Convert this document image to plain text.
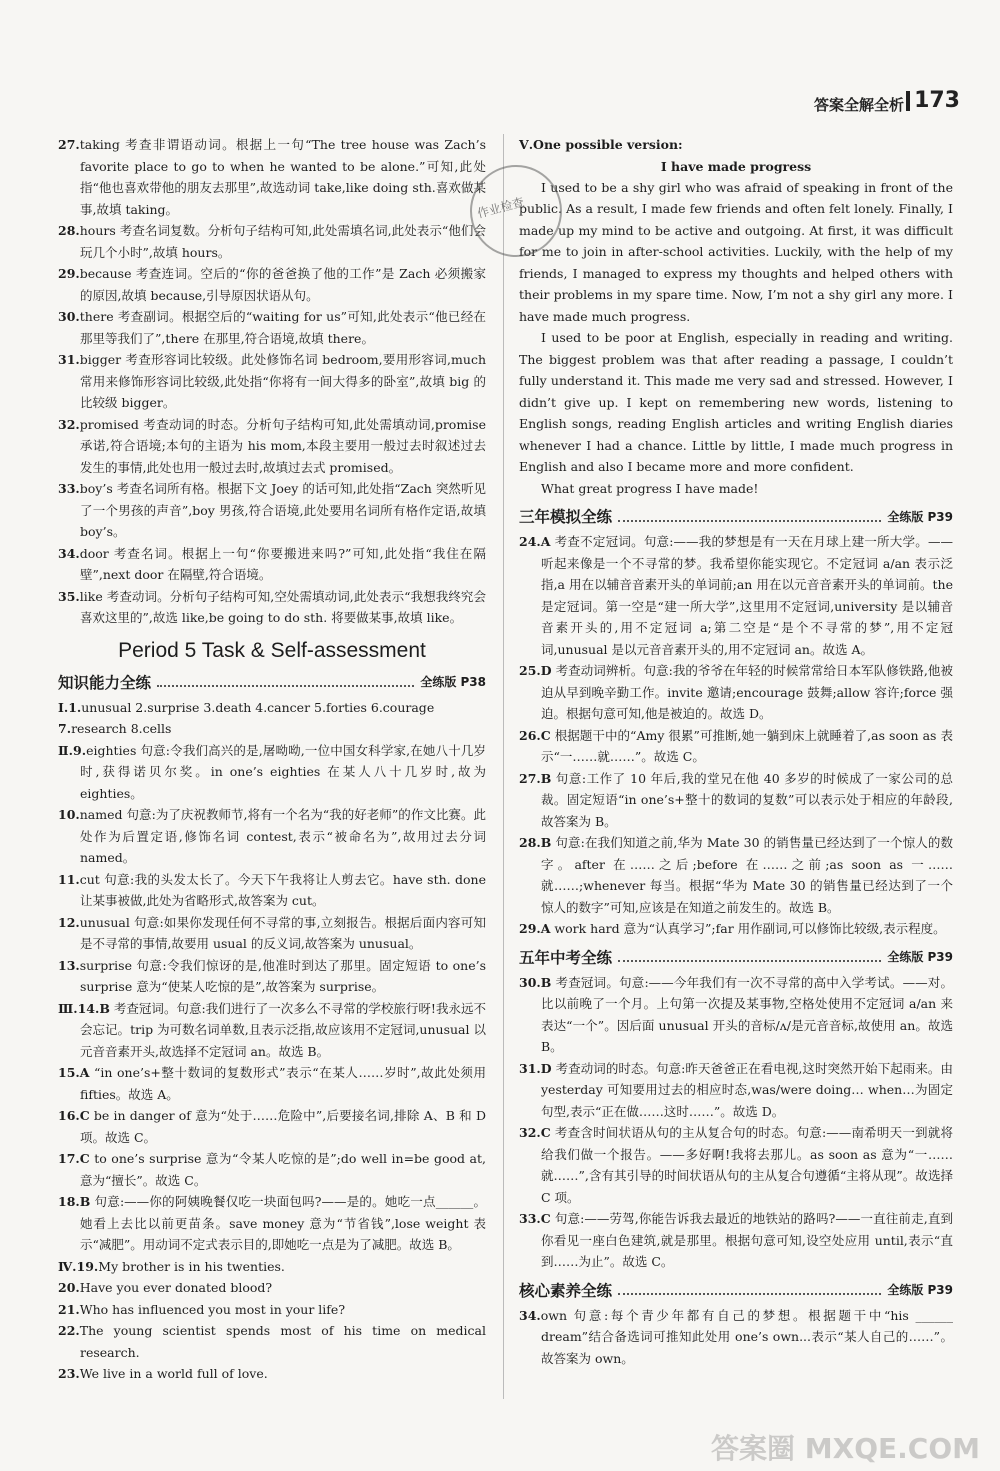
答案全解全析 173

27.taking 考查非谓语动词。根据上一句“The tree house was Zach’s favorite place to go to when he wanted to be alone.”可知,此处指“他也喜欢带他的朋友去那里”,故选动词 take,like doing sth.喜欢做某事,故填 taking。

28.hours 考查名词复数。分析句子结构可知,此处需填名词,此处表示“他们会玩几个小时”,故填 hours。

29.because 考查连词。空后的“你的爸爸换了他的工作”是 Zach 必须搬家的原因,故填 because,引导原因状语从句。

30.there 考查副词。根据空后的“waiting for us”可知,此处表示“他已经在那里等我们了”,there 在那里,符合语境,故填 there。

31.bigger 考查形容词比较级。此处修饰名词 bedroom,要用形容词,much 常用来修饰形容词比较级,此处指“你将有一间大得多的卧室”,故填 big 的比较级 bigger。

32.promised 考查动词的时态。分析句子结构可知,此处需填动词,promise 承诺,符合语境;本句的主语为 his mom,本段主要用一般过去时叙述过去发生的事情,此处也用一般过去时,故填过去式 promised。

33.boy’s 考查名词所有格。根据下文 Joey 的话可知,此处指“Zach 突然听见了一个男孩的声音”,boy 男孩,符合语境,此处要用名词所有格作定语,故填 boy’s。

34.door 考查名词。根据上一句“你要搬进来吗?”可知,此处指“我住在隔壁”,next door 在隔壁,符合语境。

35.like 考查动词。分析句子结构可知,空处需填动词,此处表示“我想我终究会喜欢这里的”,故选 like,be going to do sth. 将要做某事,故填 like。

Period 5 Task & Self-assessment
知识能力全练	全练版 P38

Ⅰ.1.unusual 2.surprise 3.death 4.cancer 5.forties 6.courage

7.research 8.cells

Ⅱ.9.eighties 句意:令我们高兴的是,屠呦呦,一位中国女科学家,在她八十几岁时,获得诺贝尔奖。in one’s eighties 在某人八十几岁时,故为 eighties。

10.named 句意:为了庆祝教师节,将有一个名为“我的好老师”的作文比赛。此处作为后置定语,修饰名词 contest,表示“被命名为”,故用过去分词 named。

11.cut 句意:我的头发太长了。今天下午我将让人剪去它。have sth. done 让某事被做,此处为省略形式,故答案为 cut。

12.unusual 句意:如果你发现任何不寻常的事,立刻报告。根据后面内容可知是不寻常的事情,故要用 usual 的反义词,故答案为 unusual。

13.surprise 句意:令我们惊讶的是,他准时到达了那里。固定短语 to one’s surprise 意为“使某人吃惊的是”,故答案为 surprise。

Ⅲ.14.B 考查冠词。句意:我们进行了一次多么不寻常的学校旅行呀!我永远不会忘记。trip 为可数名词单数,且表示泛指,故应该用不定冠词,unusual 以元音音素开头,故选择不定冠词 an。故选 B。

15.A “in one’s+整十数词的复数形式”表示“在某人……岁时”,故此处须用 fifties。故选 A。

16.C be in danger of 意为“处于……危险中”,后要接名词,排除 A、B 和 D 项。故选 C。

17.C to one’s surprise 意为“令某人吃惊的是”;do well in=be good at,意为“擅长”。故选 C。

18.B 句意:——你的阿姨晚餐仅吃一块面包吗?——是的。她吃一点______。她看上去比以前更苗条。save money 意为“节省钱”,lose weight 表示“减肥”。用动词不定式表示目的,即她吃一点是为了减肥。故选 B。

Ⅳ.19.My brother is in his twenties.

20.Have you ever donated blood?

21.Who has influenced you most in your life?

22.The young scientist spends most of his time on medical research.

23.We live in a world full of love.

Ⅴ.One possible version:

I have made progress

I used to be a shy girl who was afraid of speaking in front of the public. As a result, I made few friends and often felt lonely. Finally, I made up my mind to be active and outgoing. At first, it was difficult for me to join in after-school activities. Luckily, with the help of my friends, I managed to express my thoughts and helped others with their problems in my spare time. Now, I’m not a shy girl any more. I have made much progress.

I used to be poor at English, especially in reading and writing. The biggest problem was that after reading a passage, I couldn’t fully understand it. This made me very sad and stressed. However, I didn’t give up. I kept on remembering new words, listening to English songs, reading English articles and writing English diaries whenever I had a chance. Little by little, I made much progress in English and also I became more and more confident.

What great progress I have made!

三年模拟全练	全练版 P39

24.A 考查不定冠词。句意:——我的梦想是有一天在月球上建一所大学。——听起来像是一个不寻常的梦。我希望你能实现它。不定冠词 a/an 表示泛指,a 用在以辅音音素开头的单词前;an 用在以元音音素开头的单词前。the 是定冠词。第一空是“建一所大学”,这里用不定冠词,university 是以辅音音素开头的,用不定冠词 a;第二空是“是个不寻常的梦”,用不定冠词,unusual 是以元音音素开头的,用不定冠词 an。故选 A。

25.D 考查动词辨析。句意:我的爷爷在年轻的时候常常给日本军队修铁路,他被迫从早到晚辛勤工作。invite 邀请;encourage 鼓舞;allow 容许;force 强迫。根据句意可知,他是被迫的。故选 D。

26.C 根据题干中的“Amy 很累”可推断,她一躺到床上就睡着了,as soon as 表示“一……就……”。故选 C。

27.B 句意:工作了 10 年后,我的堂兄在他 40 多岁的时候成了一家公司的总裁。固定短语“in one’s+整十的数词的复数”可以表示处于相应的年龄段,故答案为 B。

28.B 句意:在我们知道之前,华为 Mate 30 的销售量已经达到了一个惊人的数字。after 在……之后;before 在……之前;as soon as 一……就……;whenever 每当。根据“华为 Mate 30 的销售量已经达到了一个惊人的数字”可知,应该是在知道之前发生的。故选 B。

29.A work hard 意为“认真学习”;far 用作副词,可以修饰比较级,表示程度。

五年中考全练	全练版 P39

30.B 考查冠词。句意:——今年我们有一次不寻常的高中入学考试。——对。比以前晚了一个月。上句第一次提及某事物,空格处使用不定冠词 a/an 来表达“一个”。因后面 unusual 开头的音标/ʌ/是元音音标,故使用 an。故选 B。

31.D 考查动词的时态。句意:昨天爸爸正在看电视,这时突然开始下起雨来。由 yesterday 可知要用过去的相应时态,was/were doing… when…为固定句型,表示“正在做……这时……”。故选 D。

32.C 考查含时间状语从句的主从复合句的时态。句意:——南希明天一到就将给我们做一个报告。——多好啊!我将去那儿。as soon as 意为“一……就……”,含有其引导的时间状语从句的主从复合句遵循“主将从现”。故选择 C 项。

33.C 句意:——劳驾,你能告诉我去最近的地铁站的路吗?——一直往前走,直到你看见一座白色建筑,就是那里。根据句意可知,设空处应用 until,表示“直到……为止”。故选 C。

核心素养全练	全练版 P39

34.own 句意:每个青少年都有自己的梦想。根据题干中“his ______ dream”结合备选词可推知此处用 one’s own...表示“某人自己的……”。故答案为 own。

作业检查
答案圈 MXQE.COM
